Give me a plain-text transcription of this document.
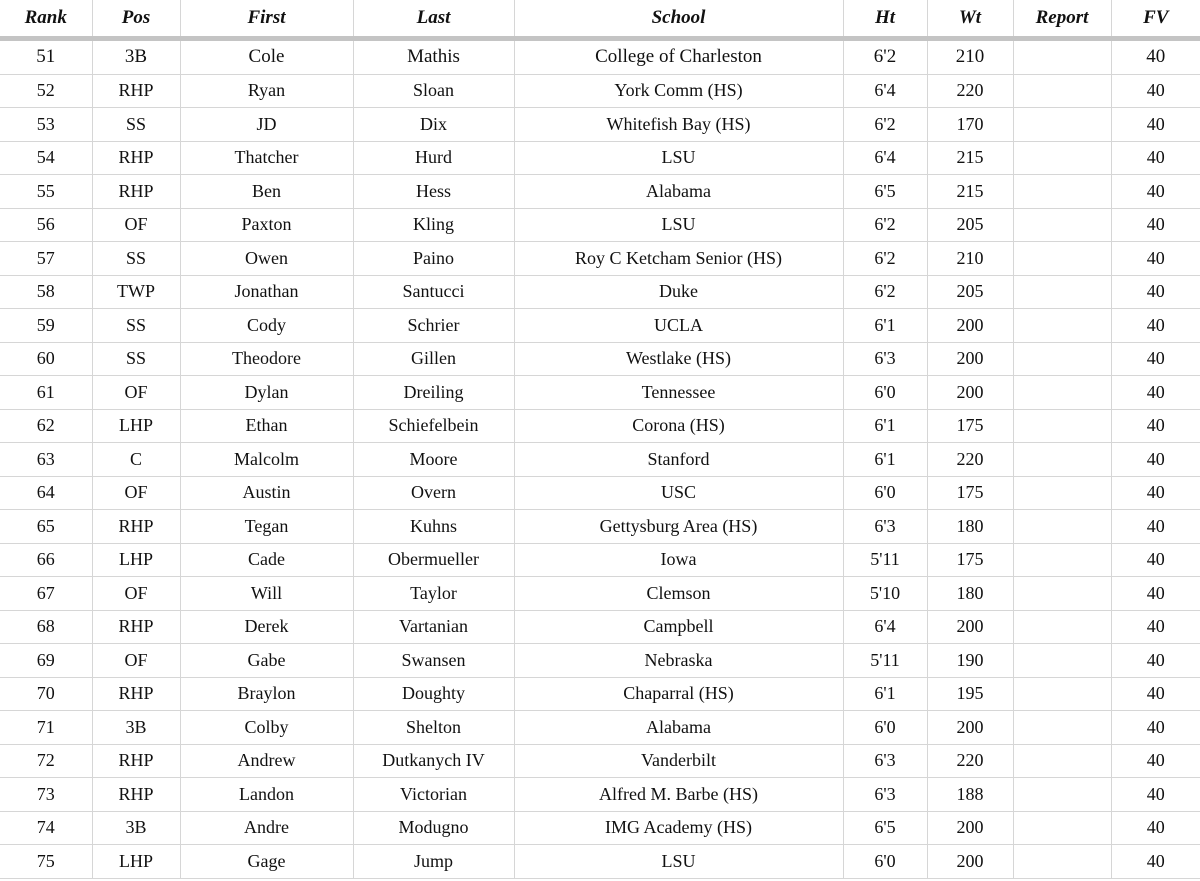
Rank	Pos	First	Last	School	Ht	Wt	Report	FV
51	3B	Cole	Mathis	College of Charleston	6'2	210		40
52	RHP	Ryan	Sloan	York Comm (HS)	6'4	220		40
53	SS	JD	Dix	Whitefish Bay (HS)	6'2	170		40
54	RHP	Thatcher	Hurd	LSU	6'4	215		40
55	RHP	Ben	Hess	Alabama	6'5	215		40
56	OF	Paxton	Kling	LSU	6'2	205		40
57	SS	Owen	Paino	Roy C Ketcham Senior (HS)	6'2	210		40
58	TWP	Jonathan	Santucci	Duke	6'2	205		40
59	SS	Cody	Schrier	UCLA	6'1	200		40
60	SS	Theodore	Gillen	Westlake (HS)	6'3	200		40
61	OF	Dylan	Dreiling	Tennessee	6'0	200		40
62	LHP	Ethan	Schiefelbein	Corona (HS)	6'1	175		40
63	C	Malcolm	Moore	Stanford	6'1	220		40
64	OF	Austin	Overn	USC	6'0	175		40
65	RHP	Tegan	Kuhns	Gettysburg Area (HS)	6'3	180		40
66	LHP	Cade	Obermueller	Iowa	5'11	175		40
67	OF	Will	Taylor	Clemson	5'10	180		40
68	RHP	Derek	Vartanian	Campbell	6'4	200		40
69	OF	Gabe	Swansen	Nebraska	5'11	190		40
70	RHP	Braylon	Doughty	Chaparral (HS)	6'1	195		40
71	3B	Colby	Shelton	Alabama	6'0	200		40
72	RHP	Andrew	Dutkanych IV	Vanderbilt	6'3	220		40
73	RHP	Landon	Victorian	Alfred M. Barbe (HS)	6'3	188		40
74	3B	Andre	Modugno	IMG Academy (HS)	6'5	200		40
75	LHP	Gage	Jump	LSU	6'0	200		40
